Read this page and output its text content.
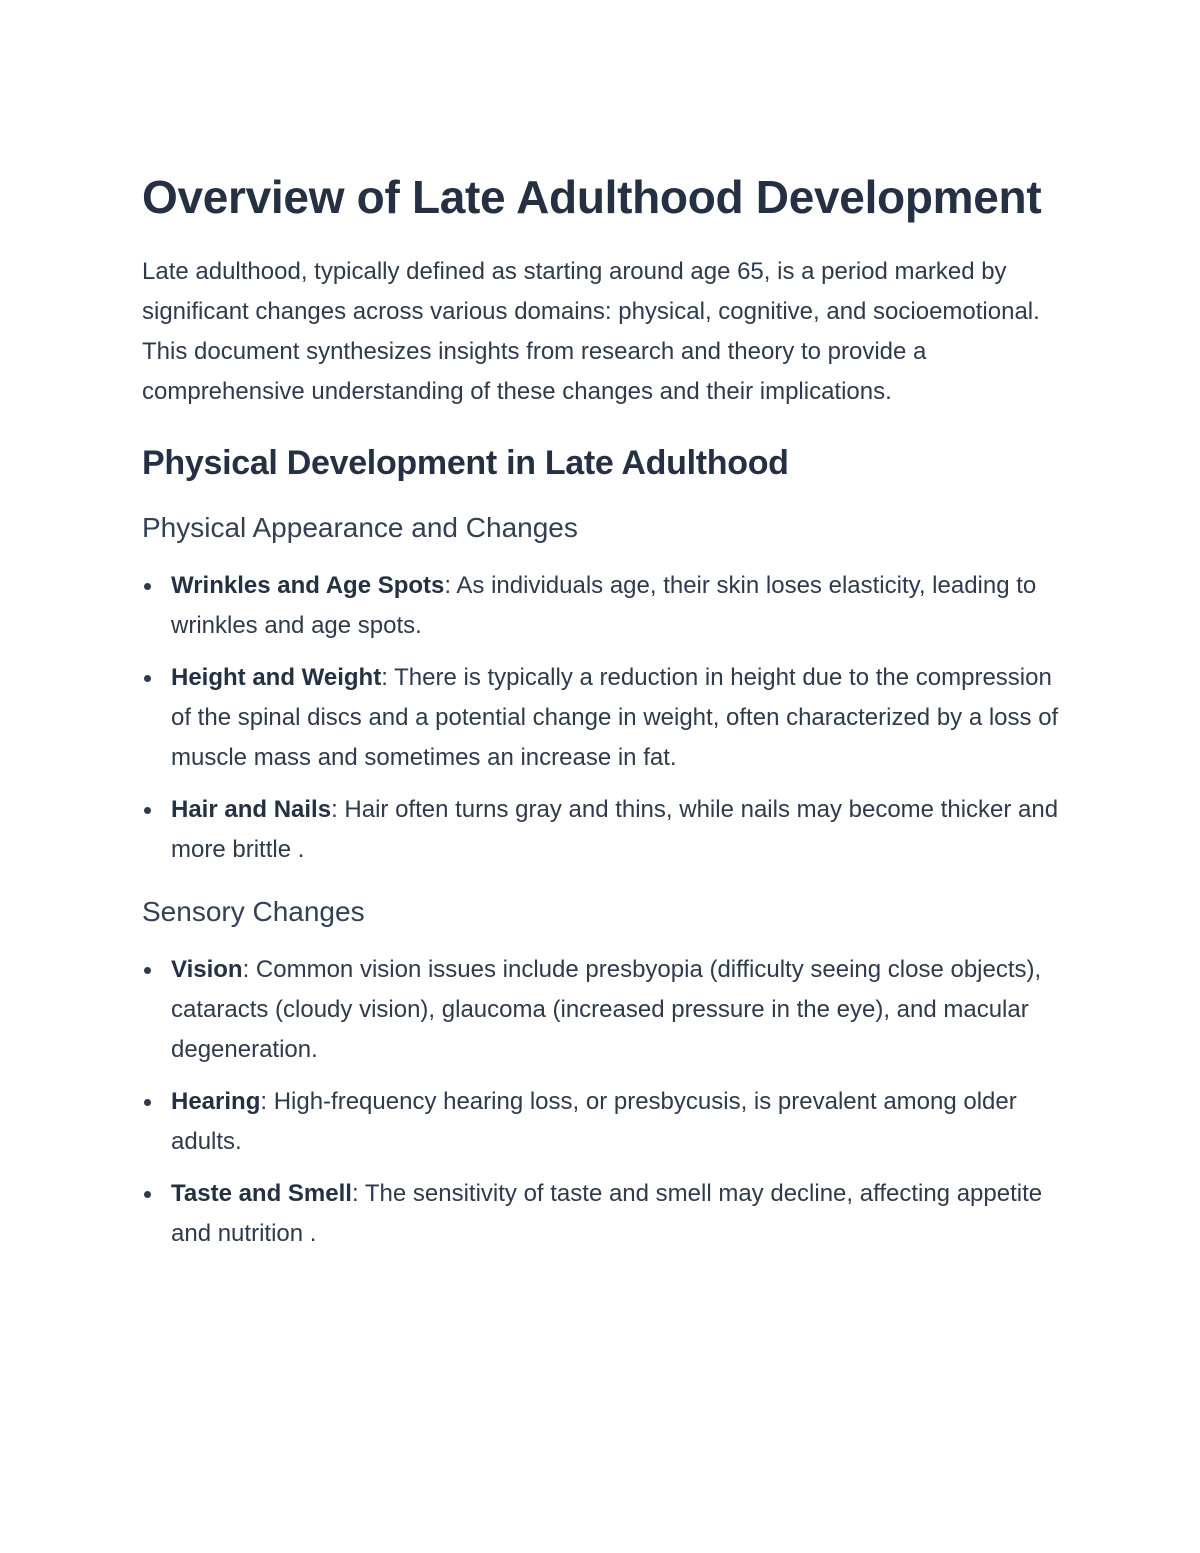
Overview of Late Adulthood Development

Late adulthood, typically defined as starting around age 65, is a period marked by significant changes across various domains: physical, cognitive, and socioemotional. This document synthesizes insights from research and theory to provide a comprehensive understanding of these changes and their implications.

Physical Development in Late Adulthood
Physical Appearance and Changes
Wrinkles and Age Spots: As individuals age, their skin loses elasticity, leading to wrinkles and age spots.
Height and Weight: There is typically a reduction in height due to the compression of the spinal discs and a potential change in weight, often characterized by a loss of muscle mass and sometimes an increase in fat.
Hair and Nails: Hair often turns gray and thins, while nails may become thicker and more brittle .
Sensory Changes
Vision: Common vision issues include presbyopia (difficulty seeing close objects), cataracts (cloudy vision), glaucoma (increased pressure in the eye), and macular degeneration.
Hearing: High-frequency hearing loss, or presbycusis, is prevalent among older adults.
Taste and Smell: The sensitivity of taste and smell may decline, affecting appetite and nutrition .
